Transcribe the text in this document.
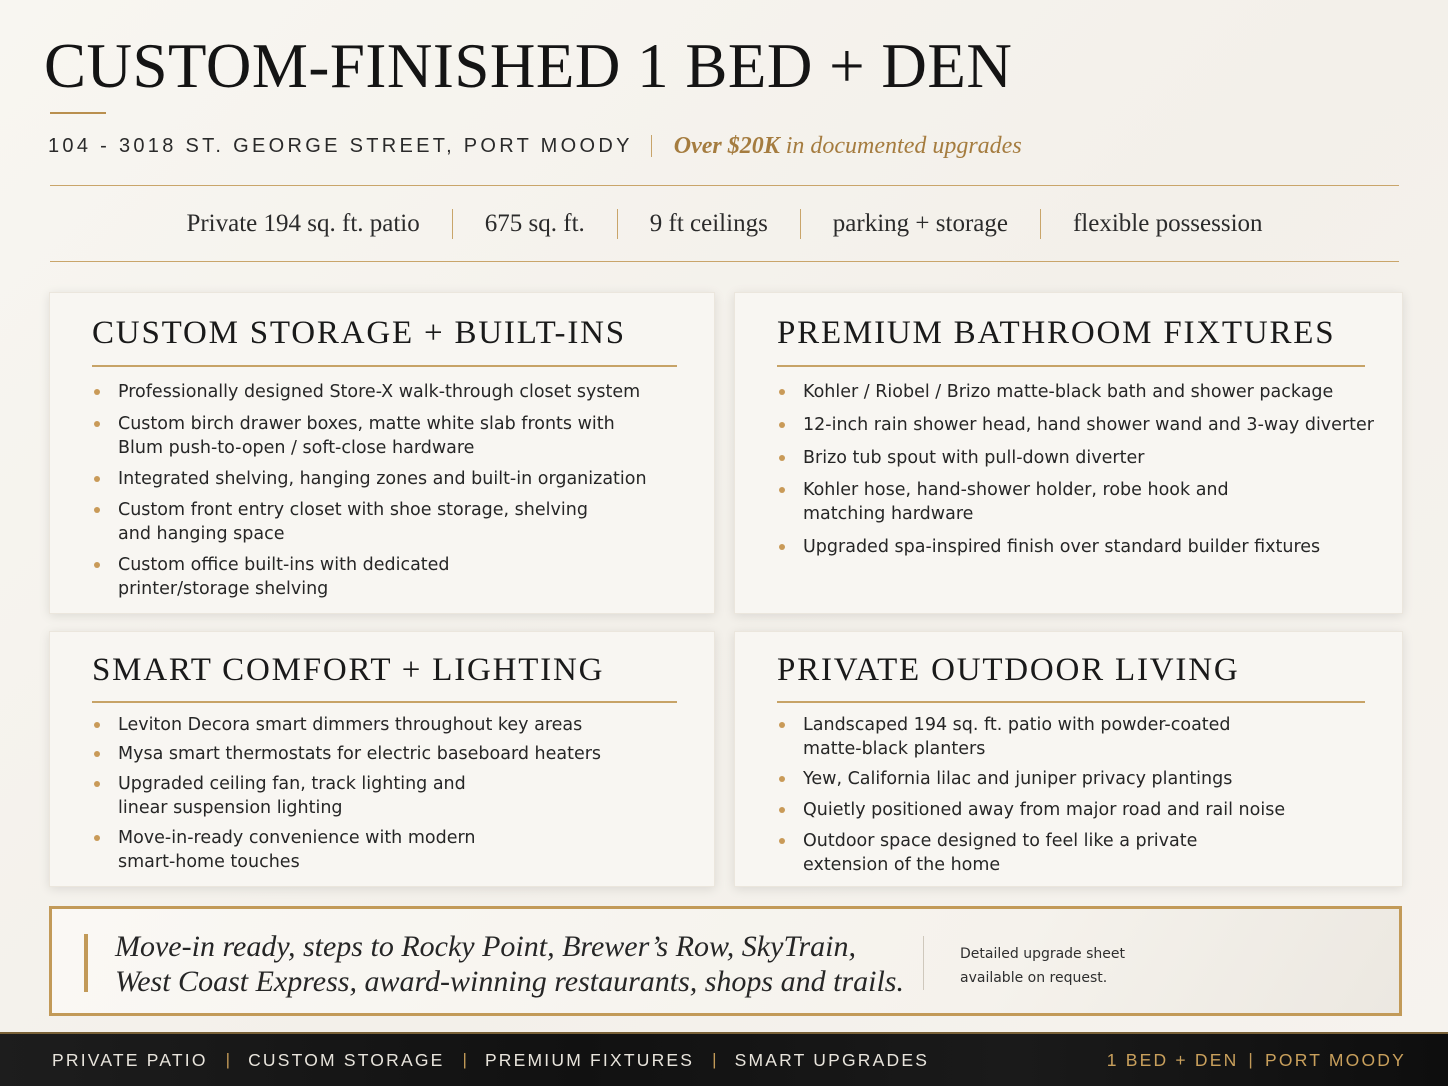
CUSTOM-FINISHED 1 BED + DEN
104 - 3018 ST. GEORGE STREET, PORT MOODY Over $20K in documented upgrades
Private 194 sq. ft. patio	675 sq. ft.	9 ft ceilings	parking + storage	flexible possession
CUSTOM STORAGE + BUILT-INS
Professionally designed Store-X walk-through closet system
Custom birch drawer boxes, matte white slab fronts with Blum push-to-open / soft-close hardware
Integrated shelving, hanging zones and built-in organization
Custom front entry closet with shoe storage, shelving and hanging space
Custom office built-ins with dedicated printer/storage shelving
PREMIUM BATHROOM FIXTURES
Kohler / Riobel / Brizo matte-black bath and shower package
12-inch rain shower head, hand shower wand and 3-way diverter
Brizo tub spout with pull-down diverter
Kohler hose, hand-shower holder, robe hook and matching hardware
Upgraded spa-inspired finish over standard builder fixtures
SMART COMFORT + LIGHTING
Leviton Decora smart dimmers throughout key areas
Mysa smart thermostats for electric baseboard heaters
Upgraded ceiling fan, track lighting and linear suspension lighting
Move-in-ready convenience with modern smart-home touches
PRIVATE OUTDOOR LIVING
Landscaped 194 sq. ft. patio with powder-coated matte-black planters
Yew, California lilac and juniper privacy plantings
Quietly positioned away from major road and rail noise
Outdoor space designed to feel like a private extension of the home
Move-in ready, steps to Rocky Point, Brewer’s Row, SkyTrain,
West Coast Express, award-winning restaurants, shops and trails.
Detailed upgrade sheet
available on request.
PRIVATE PATIO | CUSTOM STORAGE | PREMIUM FIXTURES | SMART UPGRADES	1 BED + DEN | PORT MOODY
